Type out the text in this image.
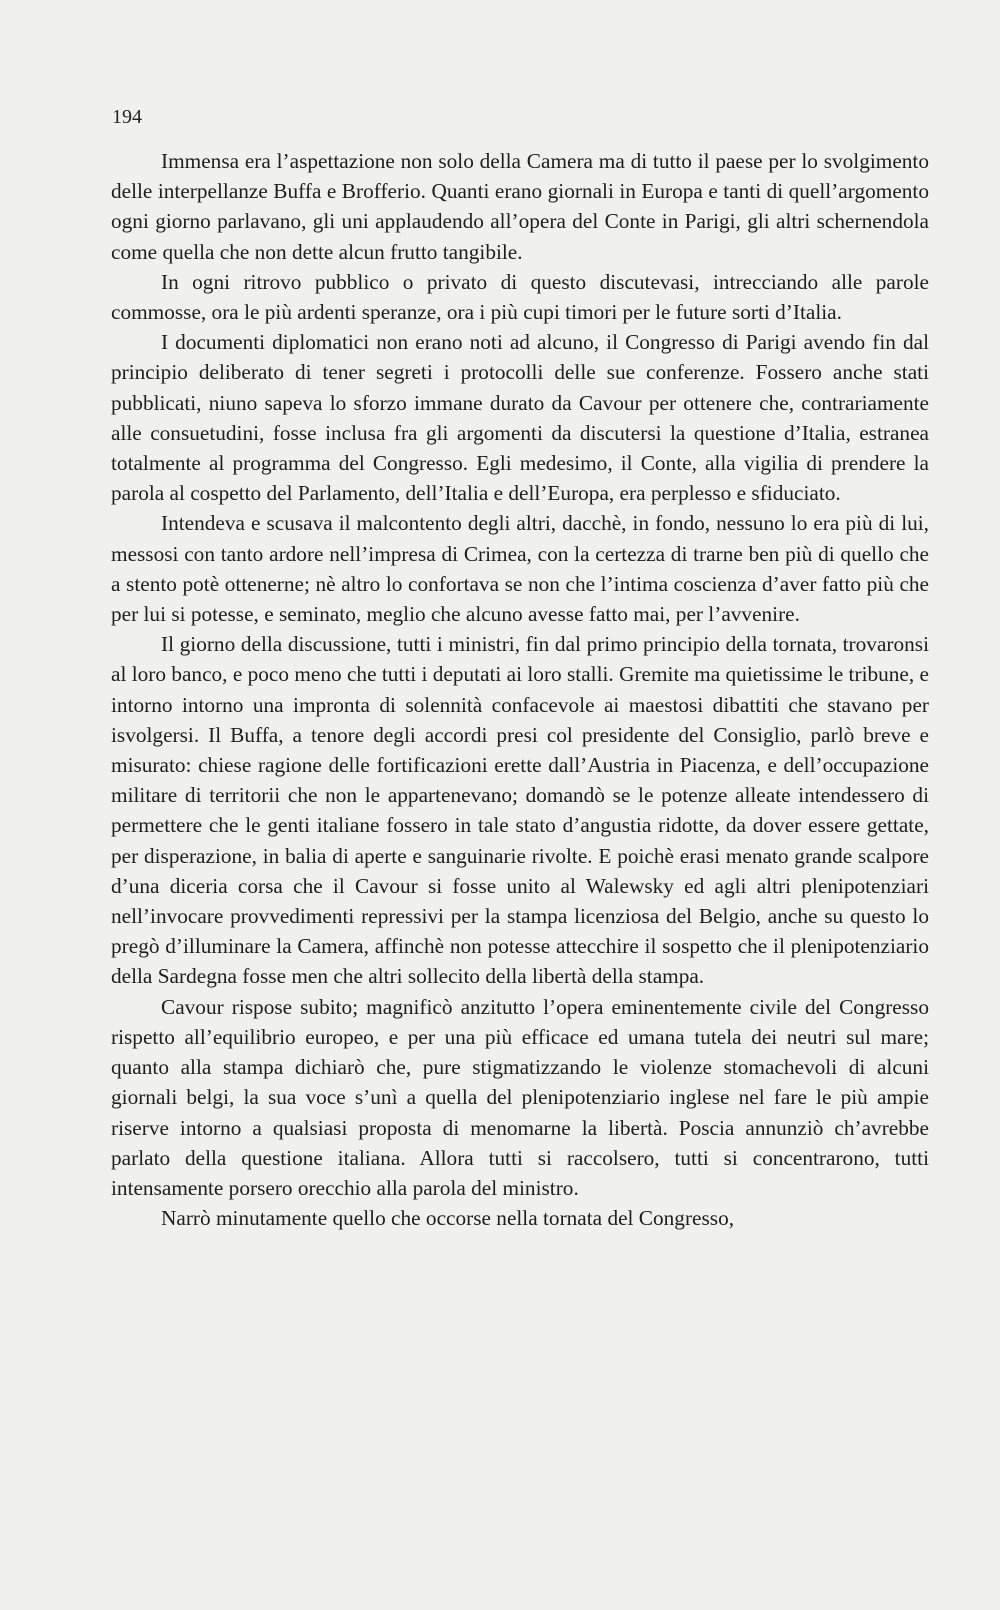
194

Immensa era l’aspettazione non solo della Camera ma di tutto il paese per lo svolgimento delle interpellanze Buffa e Brofferio. Quanti erano giornali in Europa e tanti di quell’argomento ogni giorno parlavano, gli uni applaudendo all’opera del Conte in Parigi, gli altri schernendola come quella che non dette alcun frutto tangibile.

In ogni ritrovo pubblico o privato di questo discutevasi, intrecciando alle parole commosse, ora le più ardenti speranze, ora i più cupi timori per le future sorti d’Italia.

I documenti diplomatici non erano noti ad alcuno, il Congresso di Parigi avendo fin dal principio deliberato di tener segreti i protocolli delle sue conferenze. Fossero anche stati pubblicati, niuno sapeva lo sforzo immane durato da Cavour per ottenere che, contrariamente alle consuetudini, fosse inclusa fra gli argomenti da discutersi la questione d’Italia, estranea totalmente al programma del Congresso. Egli medesimo, il Conte, alla vigilia di prendere la parola al cospetto del Parlamento, dell’Italia e dell’Europa, era perplesso e sfiduciato.

Intendeva e scusava il malcontento degli altri, dacchè, in fondo, nessuno lo era più di lui, messosi con tanto ardore nell’impresa di Crimea, con la certezza di trarne ben più di quello che a stento potè ottenerne; nè altro lo confortava se non che l’intima coscienza d’aver fatto più che per lui si potesse, e seminato, meglio che alcuno avesse fatto mai, per l’avvenire.

Il giorno della discussione, tutti i ministri, fin dal primo principio della tornata, trovaronsi al loro banco, e poco meno che tutti i deputati ai loro stalli. Gremite ma quietissime le tribune, e intorno intorno una impronta di solennità confacevole ai maestosi dibattiti che stavano per isvolgersi. Il Buffa, a tenore degli accordi presi col presidente del Consiglio, parlò breve e misurato: chiese ragione delle fortificazioni erette dall’Austria in Piacenza, e dell’occupazione militare di territorii che non le appartenevano; domandò se le potenze alleate intendessero di permettere che le genti italiane fossero in tale stato d’angustia ridotte, da dover essere gettate, per disperazione, in balia di aperte e sanguinarie rivolte. E poichè erasi menato grande scalpore d’una diceria corsa che il Cavour si fosse unito al Walewsky ed agli altri plenipotenziari nell’invocare provvedimenti repressivi per la stampa licenziosa del Belgio, anche su questo lo pregò d’illuminare la Camera, affinchè non potesse attecchire il sospetto che il plenipotenziario della Sardegna fosse men che altri sollecito della libertà della stampa.

Cavour rispose subito; magnificò anzitutto l’opera eminentemente civile del Congresso rispetto all’equilibrio europeo, e per una più efficace ed umana tutela dei neutri sul mare; quanto alla stampa dichiarò che, pure stigmatizzando le violenze stomachevoli di alcuni giornali belgi, la sua voce s’unì a quella del plenipotenziario inglese nel fare le più ampie riserve intorno a qualsiasi proposta di menomarne la libertà. Poscia annunziò ch’avrebbe parlato della questione italiana. Allora tutti si raccolsero, tutti si concentrarono, tutti intensamente porsero orecchio alla parola del ministro.

Narrò minutamente quello che occorse nella tornata del Congresso,
